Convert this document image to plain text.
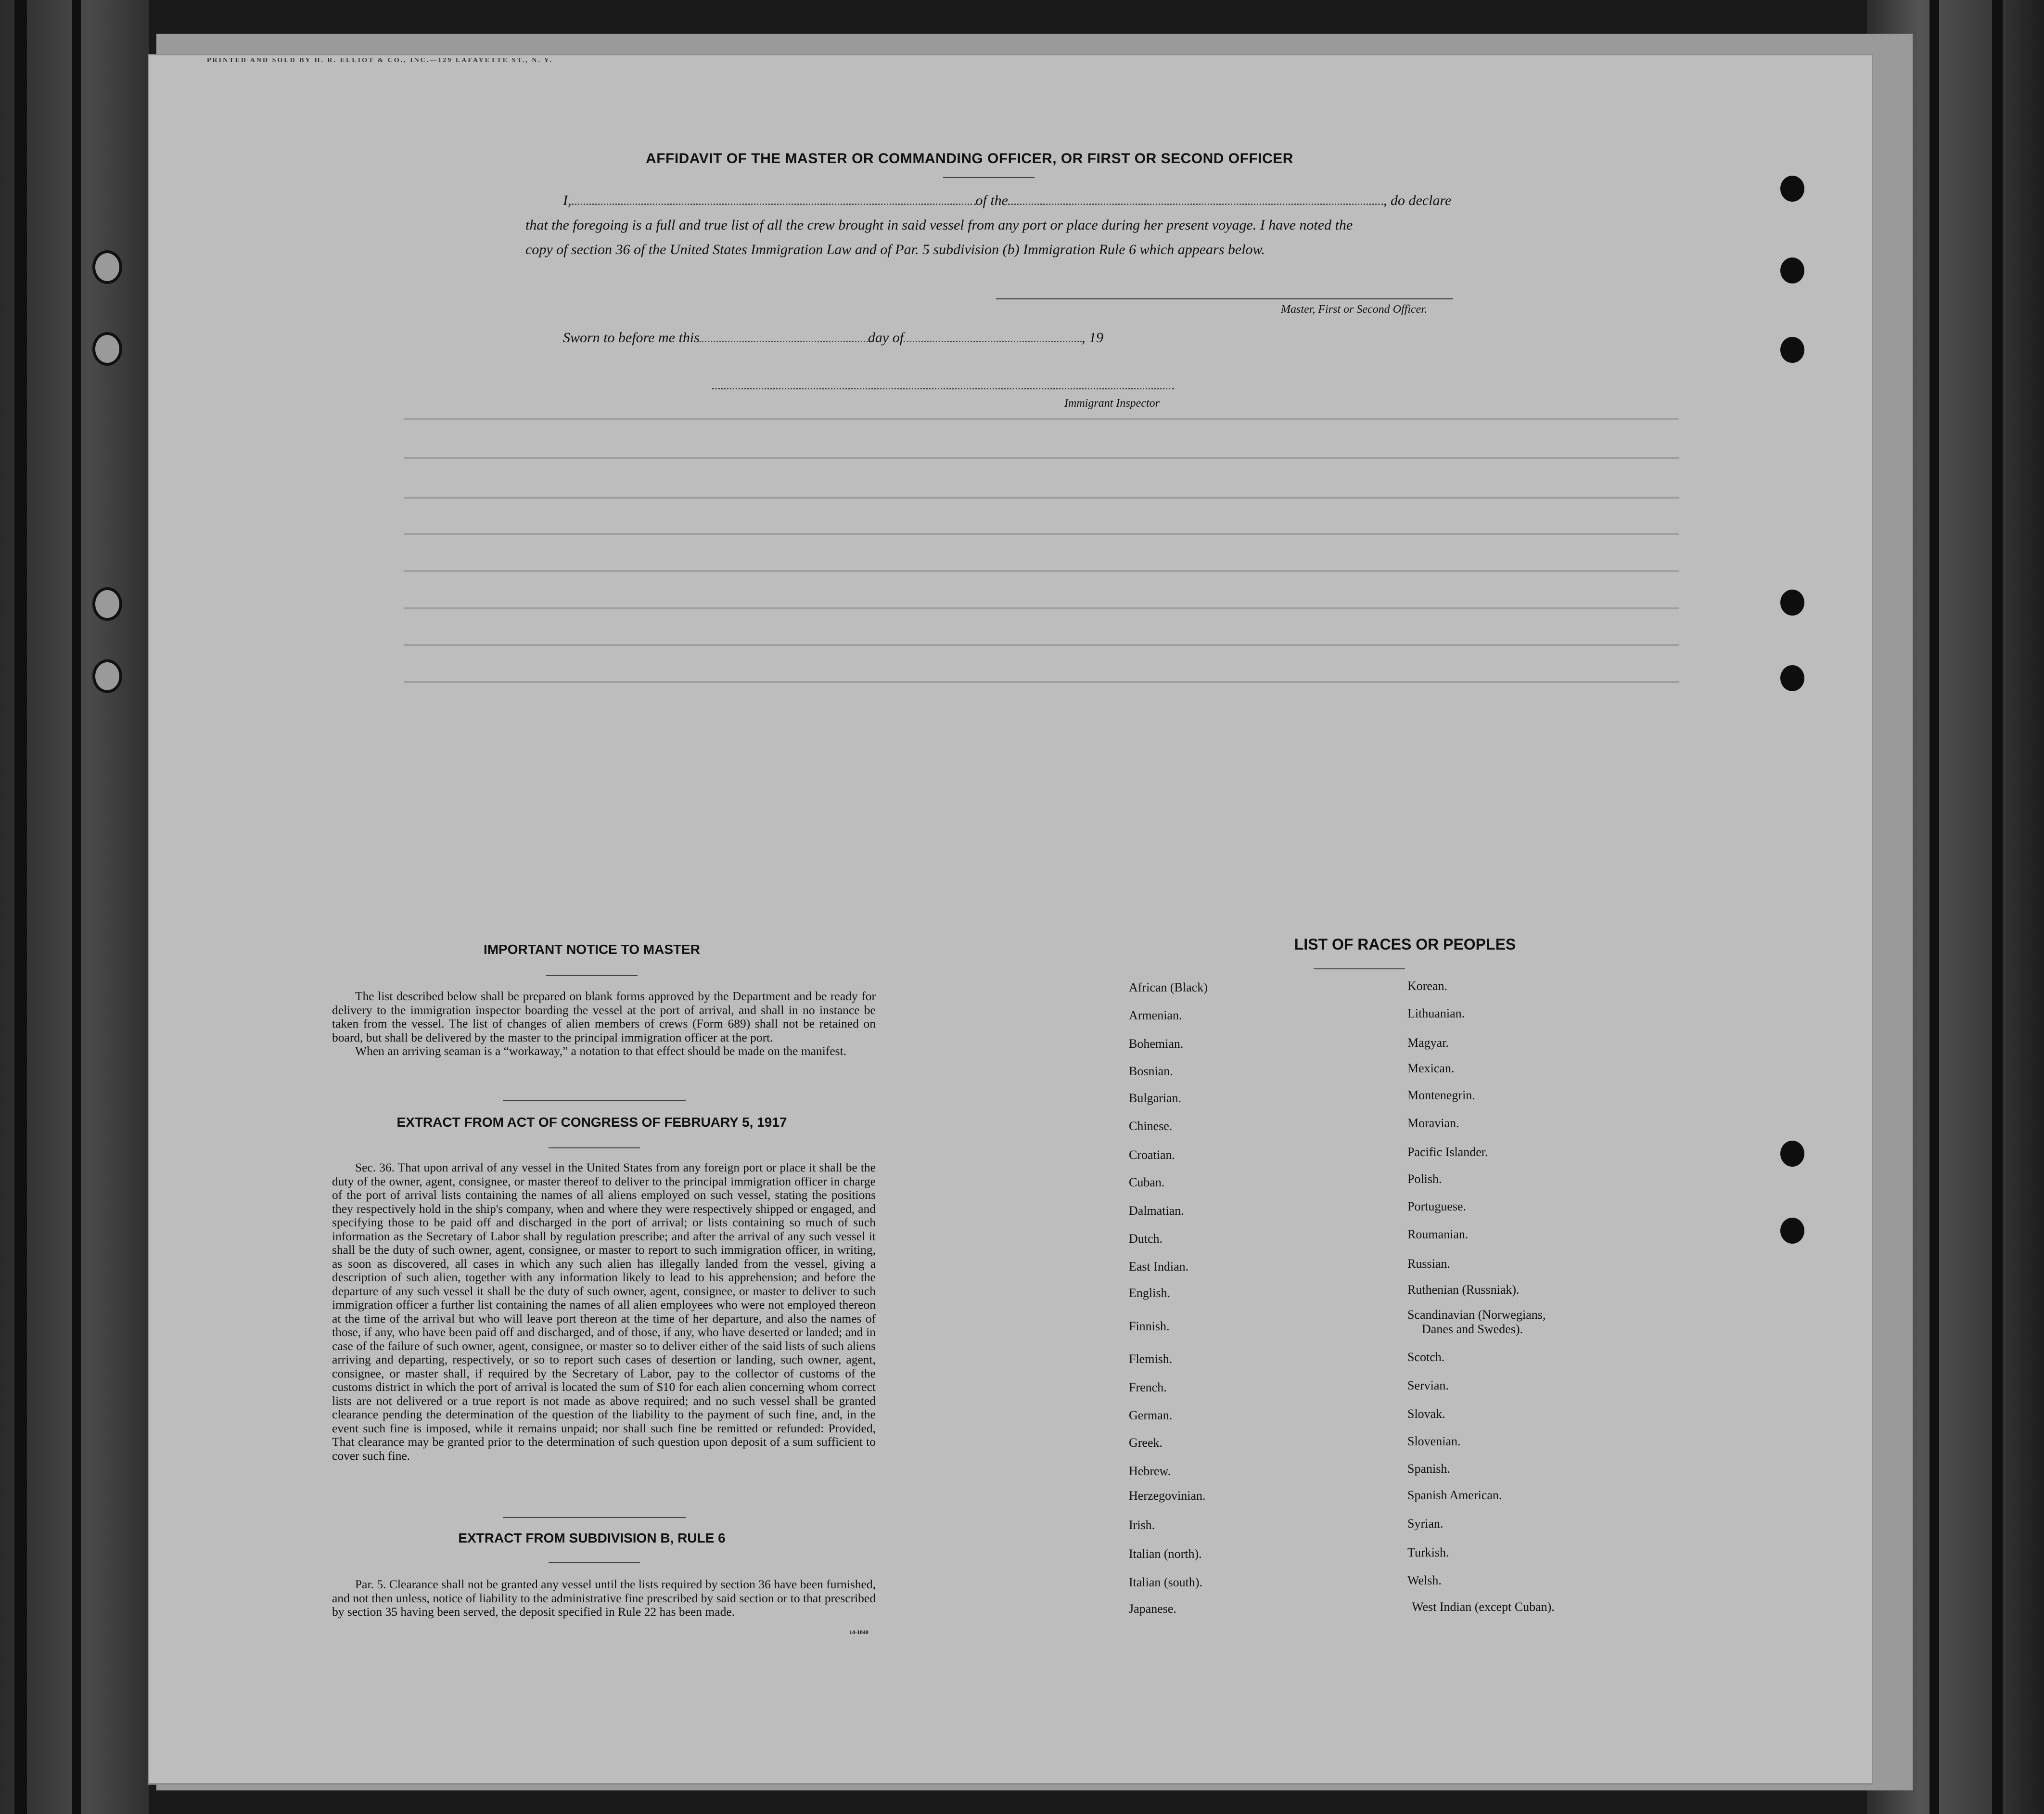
PRINTED AND SOLD BY H. R. ELLIOT & CO., INC.—129 LAFAYETTE ST., N. Y.
AFFIDAVIT OF THE MASTER OR COMMANDING OFFICER, OR FIRST OR SECOND OFFICER
I,	of the	, do declare
that the foregoing is a full and true list of all the crew brought in said vessel from any port or place during her present voyage. I have noted the
copy of section 36 of the United States Immigration Law and of Par. 5 subdivision (b) Immigration Rule 6 which appears below.
Master, First or Second Officer.
Sworn to before me this	day of	, 19
Immigrant Inspector
IMPORTANT NOTICE TO MASTER

The list described below shall be prepared on blank forms approved by the Department and be ready for delivery to the immigration inspector boarding the vessel at the port of arrival, and shall in no instance be taken from the vessel. The list of changes of alien members of crews (Form 689) shall not be retained on board, but shall be delivered by the master to the principal immigration officer at the port.

When an arriving seaman is a “workaway,” a notation to that effect should be made on the manifest.

EXTRACT FROM ACT OF CONGRESS OF FEBRUARY 5, 1917

Sec. 36. That upon arrival of any vessel in the United States from any foreign port or place it shall be the duty of the owner, agent, consignee, or master thereof to deliver to the principal immigration officer in charge of the port of arrival lists containing the names of all aliens employed on such vessel, stating the positions they respectively hold in the ship's company, when and where they were respectively shipped or engaged, and specifying those to be paid off and discharged in the port of arrival; or lists containing so much of such information as the Secretary of Labor shall by regulation prescribe; and after the arrival of any such vessel it shall be the duty of such owner, agent, consignee, or master to report to such immigration officer, in writing, as soon as discovered, all cases in which any such alien has illegally landed from the vessel, giving a description of such alien, together with any information likely to lead to his apprehension; and before the departure of any such vessel it shall be the duty of such owner, agent, consignee, or master to deliver to such immigration officer a further list containing the names of all alien employees who were not employed thereon at the time of the arrival but who will leave port thereon at the time of her departure, and also the names of those, if any, who have been paid off and discharged, and of those, if any, who have deserted or landed; and in case of the failure of such owner, agent, consignee, or master so to deliver either of the said lists of such aliens arriving and departing, respectively, or so to report such cases of desertion or landing, such owner, agent, consignee, or master shall, if required by the Secretary of Labor, pay to the collector of customs of the customs district in which the port of arrival is located the sum of $10 for each alien concerning whom correct lists are not delivered or a true report is not made as above required; and no such vessel shall be granted clearance pending the determination of the question of the liability to the payment of such fine, and, in the event such fine is imposed, while it remains unpaid; nor shall such fine be remitted or refunded: Provided, That clearance may be granted prior to the determination of such question upon deposit of a sum sufficient to cover such fine.

EXTRACT FROM SUBDIVISION B, RULE 6

Par. 5. Clearance shall not be granted any vessel until the lists required by section 36 have been furnished, and not then unless, notice of liability to the administrative fine prescribed by said section or to that prescribed by section 35 having been served, the deposit specified in Rule 22 has been made.

14-1840
LIST OF RACES OR PEOPLES
African (Black)
Armenian.
Bohemian.
Bosnian.
Bulgarian.
Chinese.
Croatian.
Cuban.
Dalmatian.
Dutch.
East Indian.
English.
Finnish.
Flemish.
French.
German.
Greek.
Hebrew.
Herzegovinian.
Irish.
Italian (north).
Italian (south).
Japanese.
Korean.
Lithuanian.
Magyar.
Mexican.
Montenegrin.
Moravian.
Pacific Islander.
Polish.
Portuguese.
Roumanian.
Russian.
Ruthenian (Russniak).
Scandinavian (Norwegians,
Danes and Swedes).
Scotch.
Servian.
Slovak.
Slovenian.
Spanish.
Spanish American.
Syrian.
Turkish.
Welsh.
West Indian (except Cuban).
